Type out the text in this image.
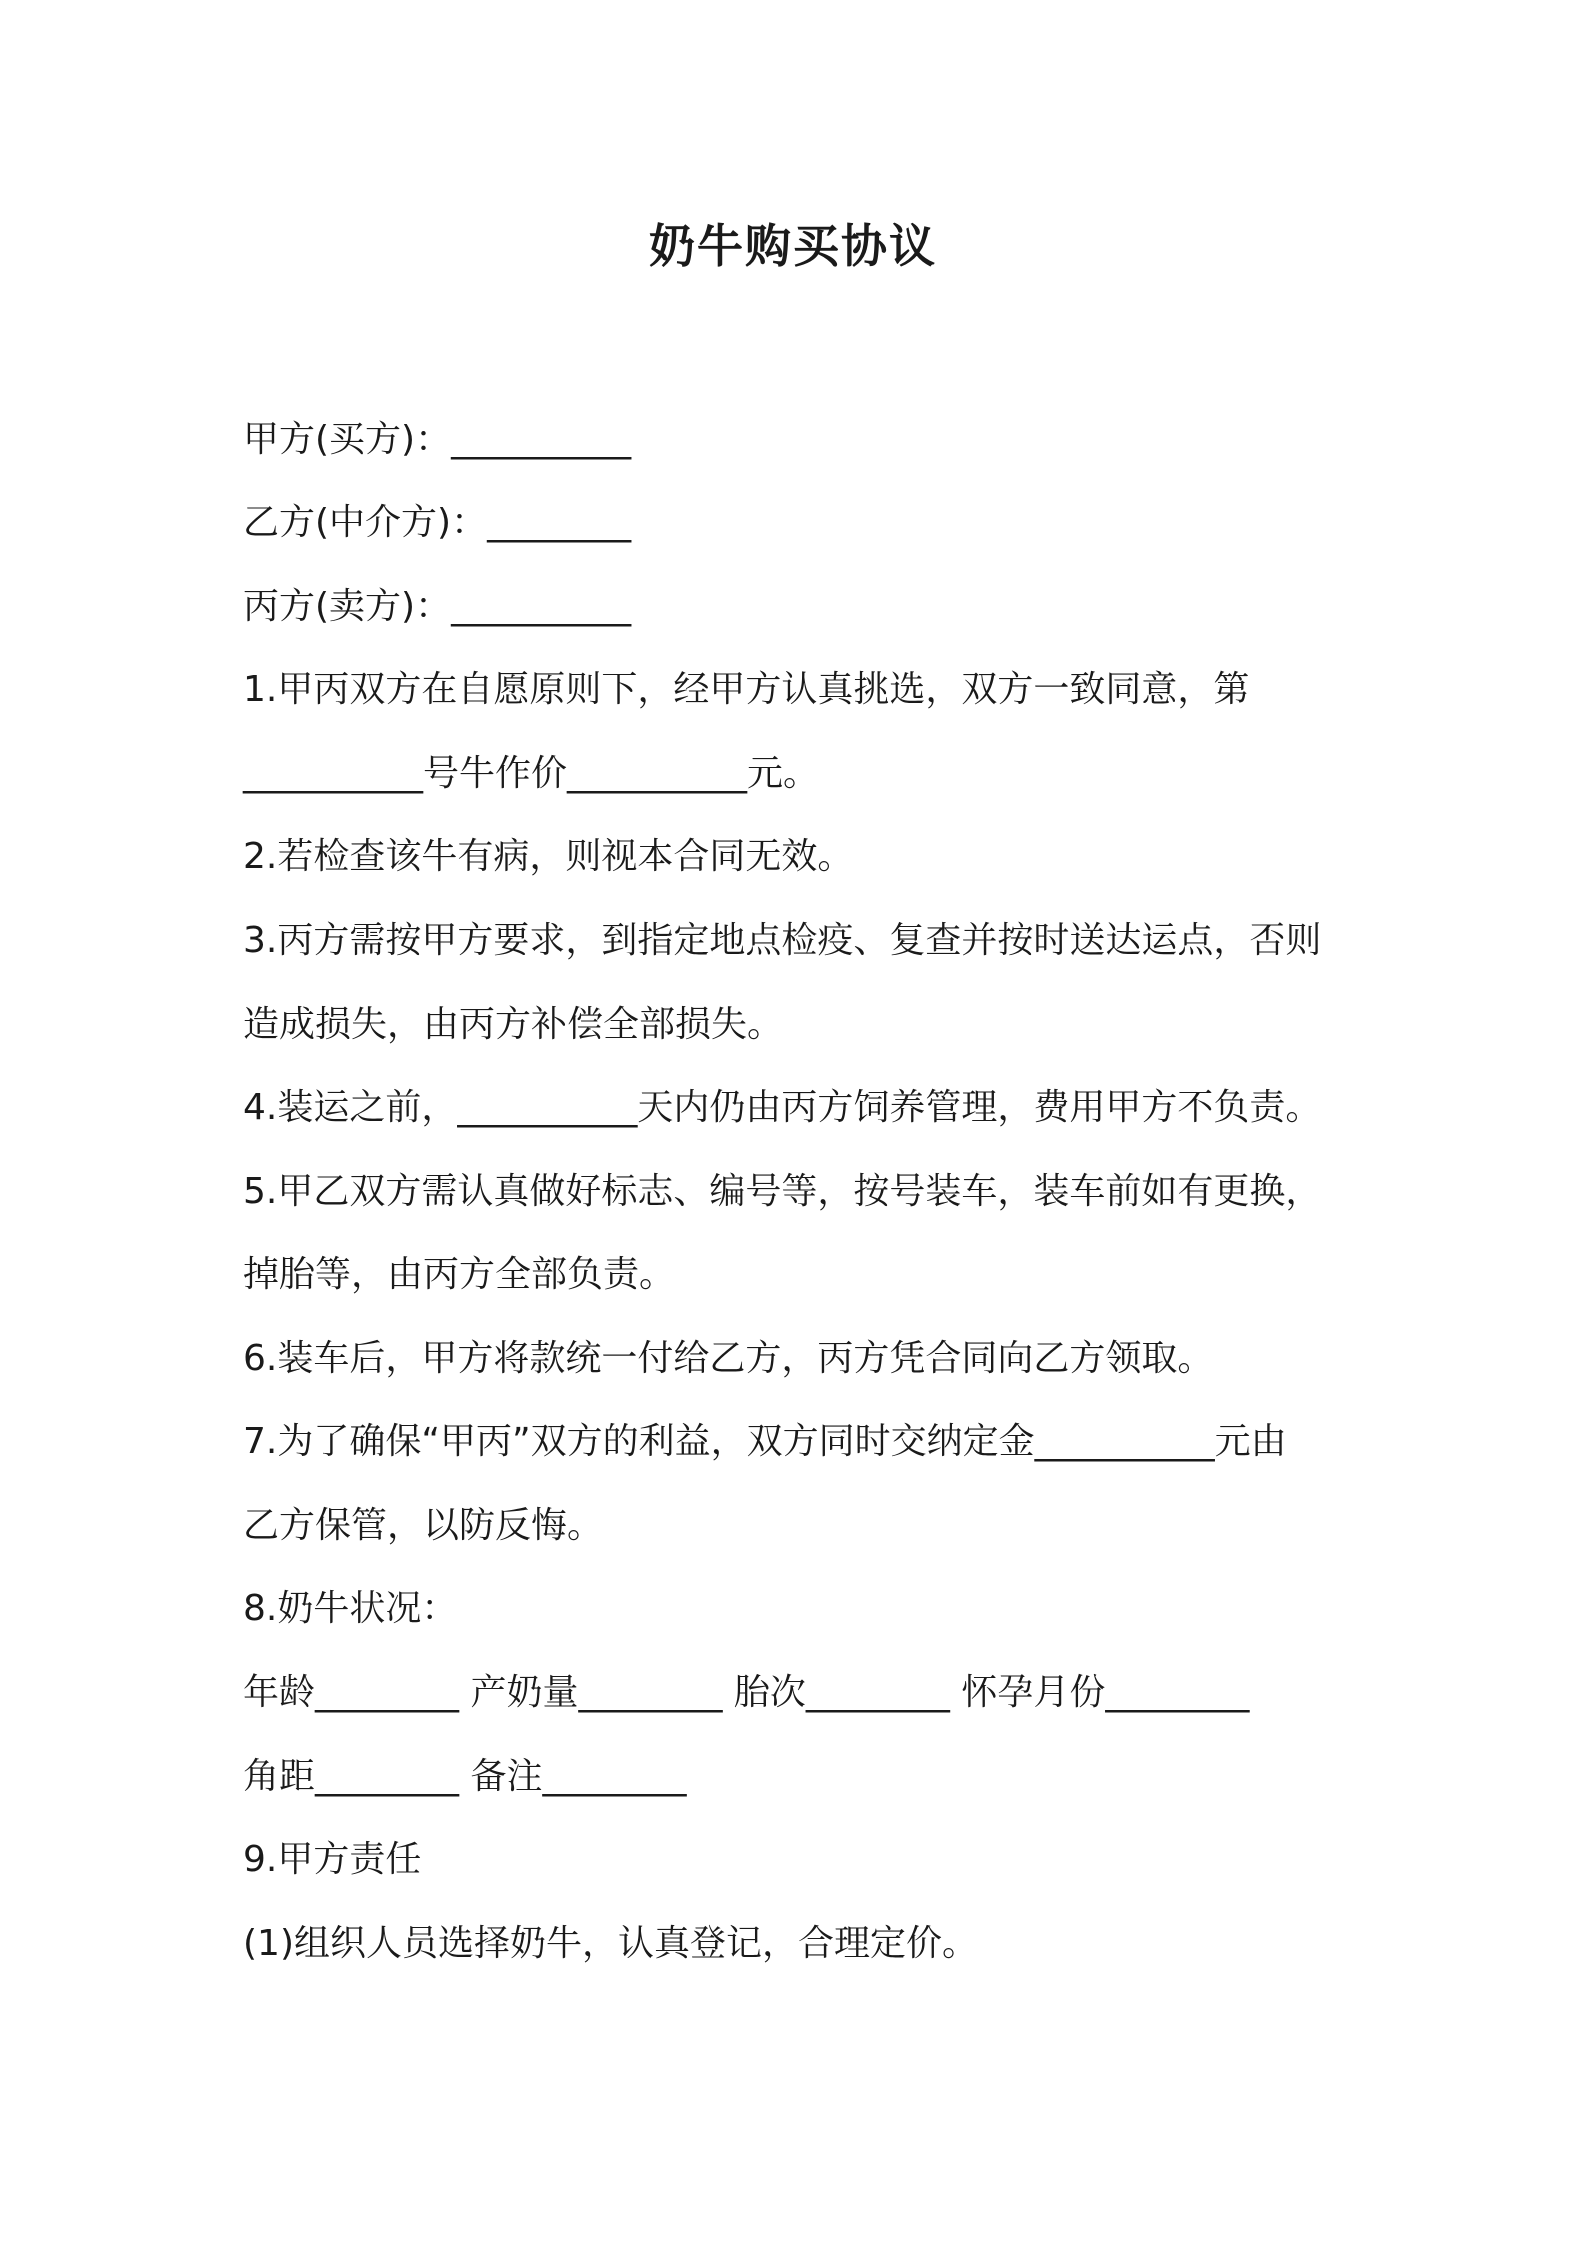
奶牛购买协议
甲方(买方)：__________
乙方(中介方)：________
丙方(卖方)：__________
1.甲丙双方在自愿原则下，经甲方认真挑选，双方一致同意，第
__________号牛作价__________元。
2.若检查该牛有病，则视本合同无效。
3.丙方需按甲方要求，到指定地点检疫、复查并按时送达运点，否则
造成损失，由丙方补偿全部损失。
4.装运之前，__________天内仍由丙方饲养管理，费用甲方不负责。
5.甲乙双方需认真做好标志、编号等，按号装车，装车前如有更换，
掉胎等，由丙方全部负责。
6.装车后，甲方将款统一付给乙方，丙方凭合同向乙方领取。
7.为了确保“甲丙”双方的利益，双方同时交纳定金__________元由
乙方保管，以防反悔。
8.奶牛状况：
年龄________ 产奶量________ 胎次________ 怀孕月份________
角距________ 备注________
9.甲方责任
(1)组织人员选择奶牛，认真登记，合理定价。
